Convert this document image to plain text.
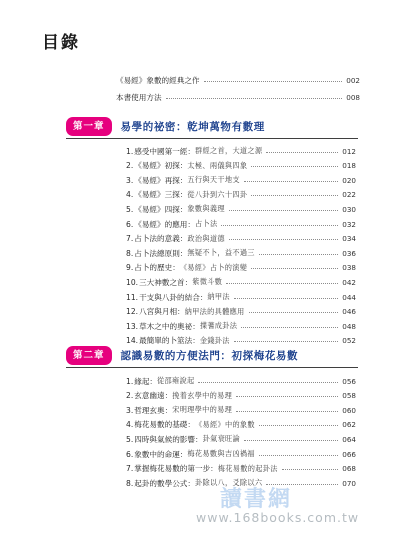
目錄
《易經》象數的經典之作	002
本書使用方法	008
第一章	易學的祕密：乾坤萬物有數理
1. 感受中國第一經： 群經之首，大道之源	012
2. 《易經》初探： 太極、兩儀與四象	018
3. 《易經》再探： 五行與天干地支	020
4. 《易經》三探： 從八卦到六十四卦	022
5. 《易經》四探： 象數與義理	030
6. 《易經》的應用： 占卜法	032
7. 占卜法的意義： 政治與道德	034
8. 占卜法總原則： 無疑不卜，益不過三	036
9. 占卜的歷史： 《易經》占卜的演變	038
10. 三大神數之首： 紫微斗數	042
11. 干支與八卦的結合： 納甲法	044
12. 八宮與月相： 納甲法的具體應用	046
13. 草木之中的奧祕： 揲蓍成卦法	048
14. 最簡單的卜筮法： 金錢卦法	052
第二章	認識易數的方便法門：初探梅花易數
1. 緣起： 從邵雍說起	056
2. 玄意幽遠： 挽着玄學中的易理	058
3. 哲理玄奧： 宋明理學中的易理	060
4. 梅花易數的基礎： 《易經》中的象數	062
5. 四時與氣候的影響： 卦氣衰旺論	064
6. 象數中的命運： 梅花易數與吉凶禍福	066
7. 掌握梅花易數的第一步： 梅花易數的起卦法	068
8. 起卦的數學公式： 卦除以八，爻除以六	070
讀書網
www.168books.com.tw
